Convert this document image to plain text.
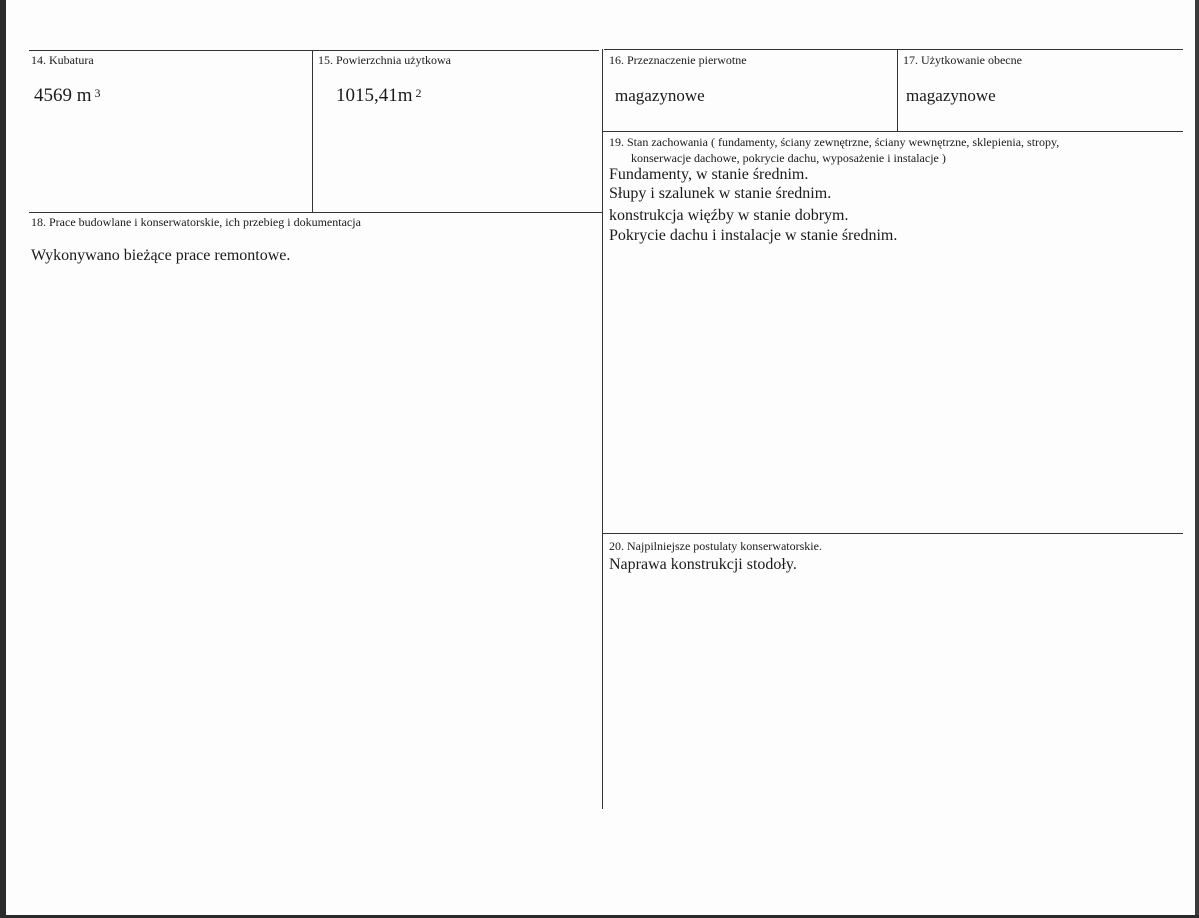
14. Kubatura
4569 m $^3$
15. Powierzchnia użytkowa
1015,41m $^2$
16. Przeznaczenie pierwotne
magazynowe
17. Użytkowanie obecne
magazynowe
18. Prace budowlane i konserwatorskie, ich przebieg i dokumentacja
Wykonywano bieżące prace remontowe.
19. Stan zachowania ( fundamenty, ściany zewnętrzne, ściany wewnętrzne, sklepienia, stropy,
konserwacje dachowe, pokrycie dachu, wyposażenie i instalacje )
Fundamenty, w stanie średnim.
Słupy i szalunek w stanie średnim.
konstrukcja więźby w stanie dobrym.
Pokrycie dachu i instalacje w stanie średnim.
20. Najpilniejsze postulaty konserwatorskie.
Naprawa konstrukcji stodoły.
